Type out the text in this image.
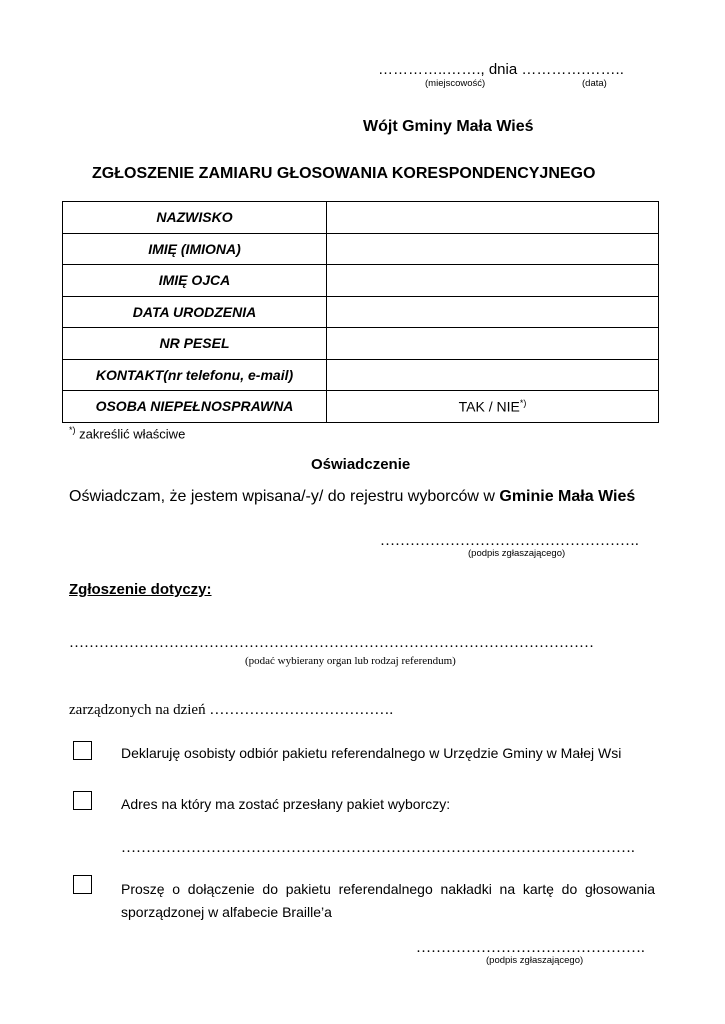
…………..……., dnia ………….……..
(miejscowość)	(data)
Wójt Gminy Mała Wieś
ZGŁOSZENIE ZAMIARU GŁOSOWANIA KORESPONDENCYJNEGO
NAZWISKO	
IMIĘ (IMIONA)	
IMIĘ OJCA	
DATA URODZENIA	
NR PESEL	
KONTAKT(nr telefonu, e-mail)	
OSOBA NIEPEŁNOSPRAWNA	TAK / NIE*)
*) zakreślić właściwe
Oświadczenie
Oświadczam, że jestem wpisana/-y/ do rejestru wyborców w Gminie Mała Wieś
…………………………………………….
(podpis zgłaszającego)
Zgłoszenie dotyczy:
……………………………………………………………………………………………
(podać wybierany organ lub rodzaj referendum)
zarządzonych na dzień ……………………………….
Deklaruję osobisty odbiór pakietu referendalnego w Urzędzie Gminy w Małej Wsi
Adres na który ma zostać przesłany pakiet wyborczy:
………………………………………………………………………………………….
Proszę o dołączenie do pakietu referendalnego nakładki na kartę do głosowania
sporządzonej w alfabecie Braille’a
……………………………………….
(podpis zgłaszającego)
